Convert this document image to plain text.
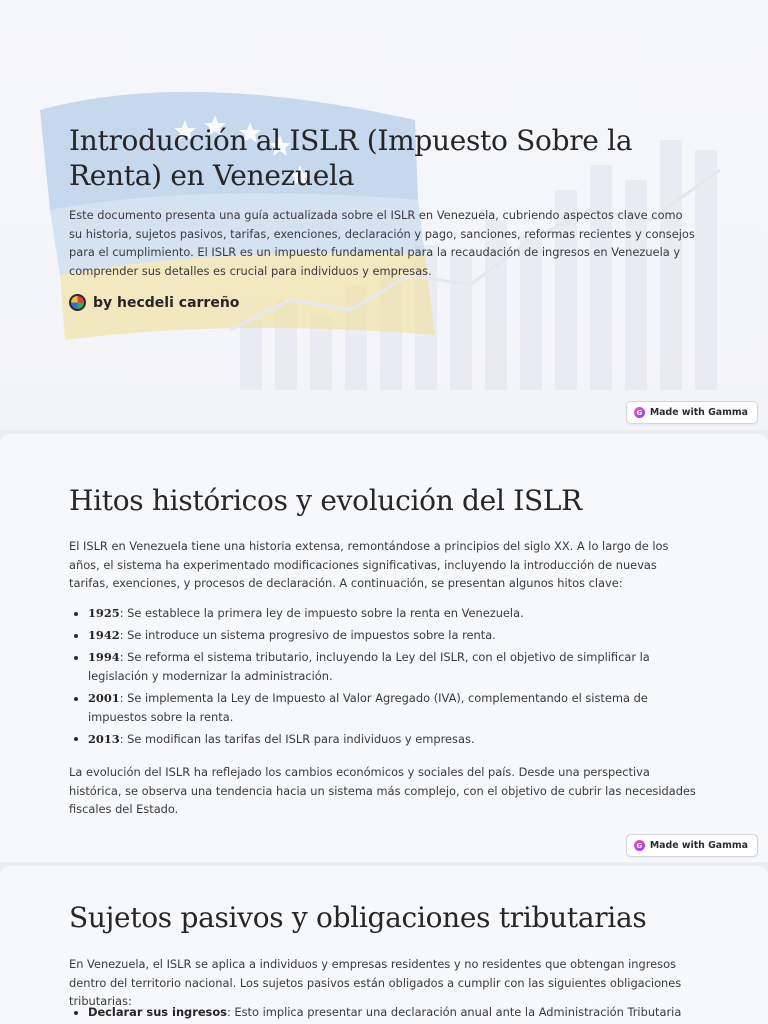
Introducción al ISLR (Impuesto Sobre la Renta) en Venezuela

Este documento presenta una guía actualizada sobre el ISLR en Venezuela, cubriendo aspectos clave como su historia, sujetos pasivos, tarifas, exenciones, declaración y pago, sanciones, reformas recientes y consejos para el cumplimiento. El ISLR es un impuesto fundamental para la recaudación de ingresos en Venezuela y comprender sus detalles es crucial para individuos y empresas.

by hecdeli carreño
G Made with Gamma
Hitos históricos y evolución del ISLR

El ISLR en Venezuela tiene una historia extensa, remontándose a principios del siglo XX. A lo largo de los años, el sistema ha experimentado modificaciones significativas, incluyendo la introducción de nuevas tarifas, exenciones, y procesos de declaración. A continuación, se presentan algunos hitos clave:

1925: Se establece la primera ley de impuesto sobre la renta en Venezuela.
1942: Se introduce un sistema progresivo de impuestos sobre la renta.
1994: Se reforma el sistema tributario, incluyendo la Ley del ISLR, con el objetivo de simplificar la legislación y modernizar la administración.
2001: Se implementa la Ley de Impuesto al Valor Agregado (IVA), complementando el sistema de impuestos sobre la renta.
2013: Se modifican las tarifas del ISLR para individuos y empresas.

La evolución del ISLR ha reflejado los cambios económicos y sociales del país. Desde una perspectiva histórica, se observa una tendencia hacia un sistema más complejo, con el objetivo de cubrir las necesidades fiscales del Estado.

G Made with Gamma
Sujetos pasivos y obligaciones tributarias

En Venezuela, el ISLR se aplica a individuos y empresas residentes y no residentes que obtengan ingresos dentro del territorio nacional. Los sujetos pasivos están obligados a cumplir con las siguientes obligaciones tributarias:

Declarar sus ingresos: Esto implica presentar una declaración anual ante la Administración Tributaria
